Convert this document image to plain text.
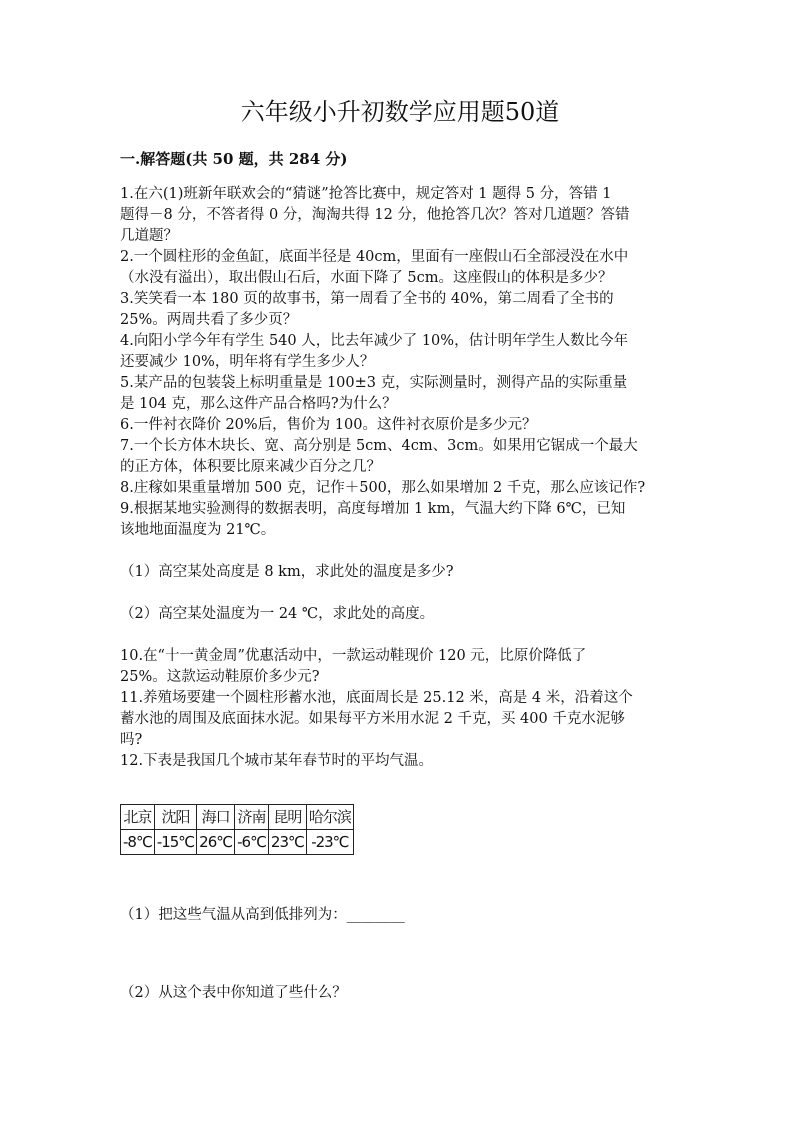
六年级小升初数学应用题50道
一.解答题(共 50 题，共 284 分)

1.在六(1)班新年联欢会的“猜谜”抢答比赛中，规定答对 1 题得 5 分，答错 1

题得－8 分，不答者得 0 分，淘淘共得 12 分，他抢答几次？答对几道题？答错

几道题？

2.一个圆柱形的金鱼缸，底面半径是 40cm，里面有一座假山石全部浸没在水中

（水没有溢出），取出假山石后，水面下降了 5cm。这座假山的体积是多少？

3.笑笑看一本 180 页的故事书，第一周看了全书的 40%，第二周看了全书的

25%。两周共看了多少页？

4.向阳小学今年有学生 540 人，比去年减少了 10%，估计明年学生人数比今年

还要减少 10%，明年将有学生多少人？

5.某产品的包装袋上标明重量是 100±3 克，实际测量时，测得产品的实际重量

是 104 克，那么这件产品合格吗?为什么？

6.一件衬衣降价 20%后，售价为 100。这件衬衣原价是多少元？

7.一个长方体木块长、宽、高分别是 5cm、4cm、3cm。如果用它锯成一个最大

的正方体，体积要比原来减少百分之几？

8.庄稼如果重量增加 500 克，记作＋500，那么如果增加 2 千克，那么应该记作?

9.根据某地实验测得的数据表明，高度每增加 1 km，气温大约下降 6℃，已知

该地地面温度为 21℃。

（1）高空某处高度是 8 km，求此处的温度是多少?

（2）高空某处温度为一 24 ℃，求此处的高度。

10.在“十一黄金周”优惠活动中，一款运动鞋现价 120 元，比原价降低了

25%。这款运动鞋原价多少元?

11.养殖场要建一个圆柱形蓄水池，底面周长是 25.12 米，高是 4 米，沿着这个

蓄水池的周围及底面抹水泥。如果每平方米用水泥 2 千克，买 400 千克水泥够

吗?

12.下表是我国几个城市某年春节时的平均气温。

北京	沈阳	海口	济南	昆明	哈尔滨
-8℃	-15℃	26℃	-6℃	23℃	-23℃
（1）把这些气温从高到低排列为：________
（2）从这个表中你知道了些什么？
